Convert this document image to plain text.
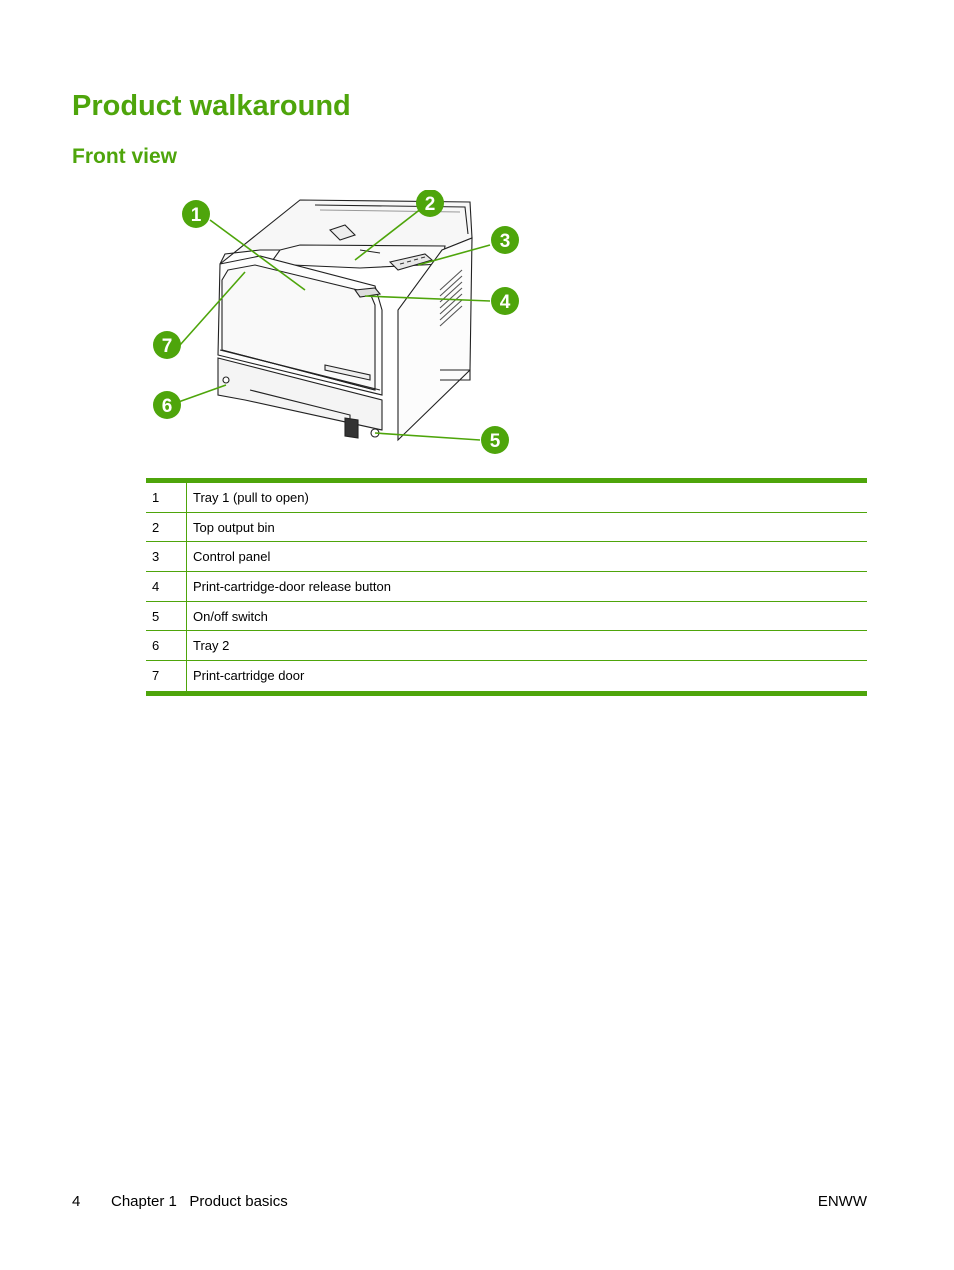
Product walkaround
Front view
1
2
3
4
5
6
7
1	Tray 1 (pull to open)
2	Top output bin
3	Control panel
4	Print-cartridge-door release button
5	On/off switch
6	Tray 2
7	Print-cartridge door
4 Chapter 1   Product basics	ENWW
